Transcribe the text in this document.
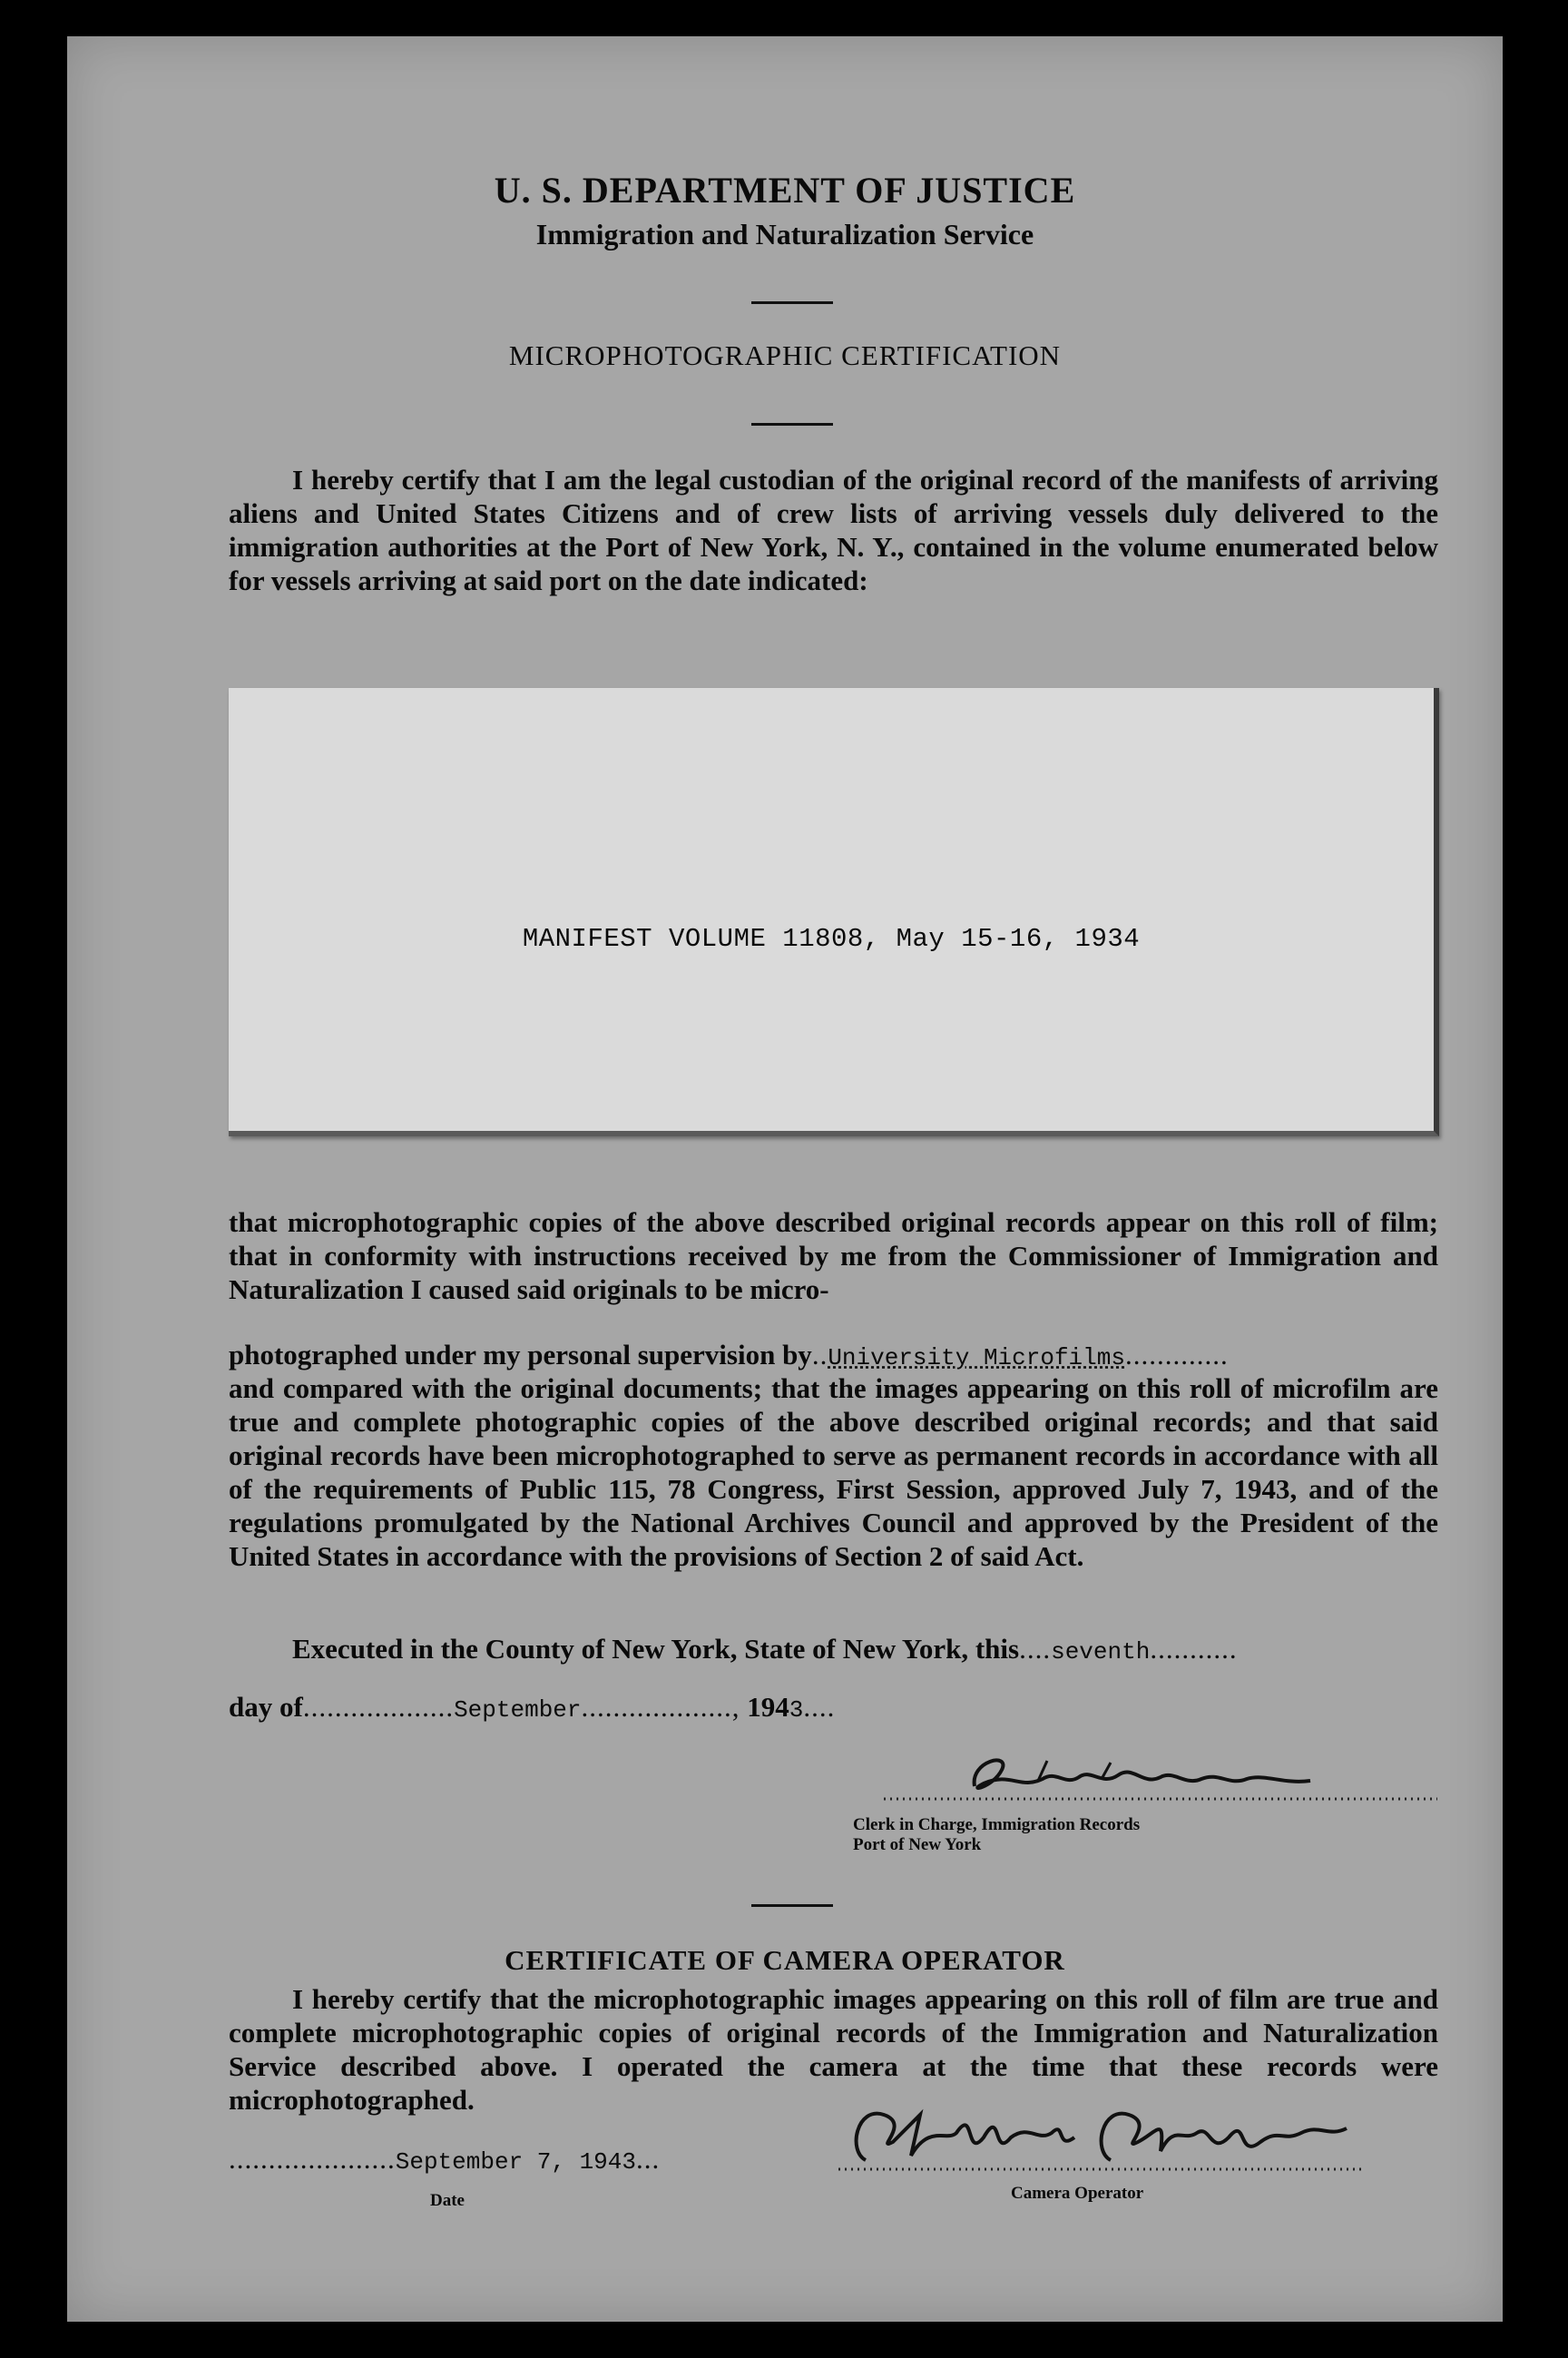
U. S. DEPARTMENT OF JUSTICE
Immigration and Naturalization Service
MICROPHOTOGRAPHIC CERTIFICATION
I hereby certify that I am the legal custodian of the original record of the manifests of arriving aliens and United States Citizens and of crew lists of arriving vessels duly delivered to the immigration authorities at the Port of New York, N. Y., contained in the volume enumerated below for vessels arriving at said port on the date indicated:
MANIFEST VOLUME 11808, May 15-16, 1934
that microphotographic copies of the above described original records appear on this roll of film; that in conformity with instructions received by me from the Commissioner of Immigration and Naturalization I caused said originals to be micro-
photographed under my personal supervision by..University Microfilms.............
and compared with the original documents; that the images appearing on this roll of microfilm are true and complete photographic copies of the above described original records; and that said original records have been microphotographed to serve as permanent records in accordance with all of the requirements of Public 115, 78 Congress, First Session, approved July 7, 1943, and of the regulations promulgated by the National Archives Council and approved by the President of the United States in accordance with the provisions of Section 2 of said Act.
Executed in the County of New York, State of New York, this....seventh...........
day of...................September..................., 1943....
Clerk in Charge, Immigration Records
Port of New York
CERTIFICATE OF CAMERA OPERATOR
I hereby certify that the microphotographic images appearing on this roll of film are true and complete microphotographic copies of original records of the Immigration and Naturalization Service described above. I operated the camera at the time that these records were microphotographed.
.....................September 7, 1943...
Date	Camera Operator
